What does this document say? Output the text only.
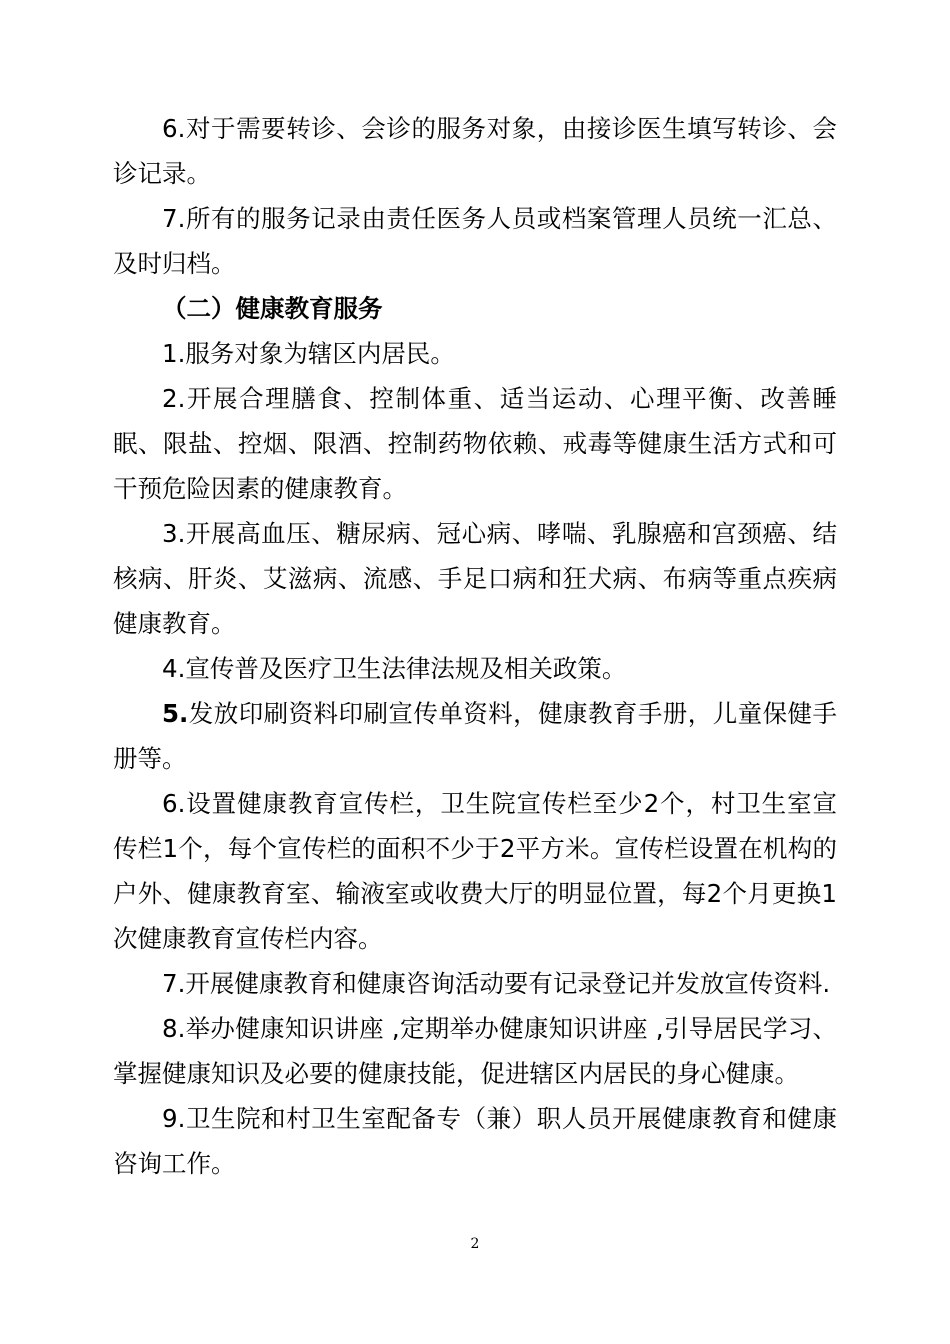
6.对于需要转诊、会诊的服务对象，由接诊医生填写转诊、会诊记录。

7.所有的服务记录由责任医务人员或档案管理人员统一汇总、及时归档。

（二）健康教育服务

1.服务对象为辖区内居民。

2.开展合理膳食、控制体重、适当运动、心理平衡、改善睡眠、限盐、控烟、限酒、控制药物依赖、戒毒等健康生活方式和可干预危险因素的健康教育。

3.开展高血压、糖尿病、冠心病、哮喘、乳腺癌和宫颈癌、结核病、肝炎、艾滋病、流感、手足口病和狂犬病、布病等重点疾病健康教育。

4.宣传普及医疗卫生法律法规及相关政策。

5.发放印刷资料印刷宣传单资料，健康教育手册，儿童保健手册等。

6.设置健康教育宣传栏，卫生院宣传栏至少2个，村卫生室宣传栏1个，每个宣传栏的面积不少于2平方米。宣传栏设置在机构的户外、健康教育室、输液室或收费大厅的明显位置，每2个月更换1次健康教育宣传栏内容。

7.开展健康教育和健康咨询活动要有记录登记并发放宣传资料.

8.举办健康知识讲座 ,定期举办健康知识讲座 ,引导居民学习、掌握健康知识及必要的健康技能，促进辖区内居民的身心健康。

9.卫生院和村卫生室配备专（兼）职人员开展健康教育和健康咨询工作。

2
